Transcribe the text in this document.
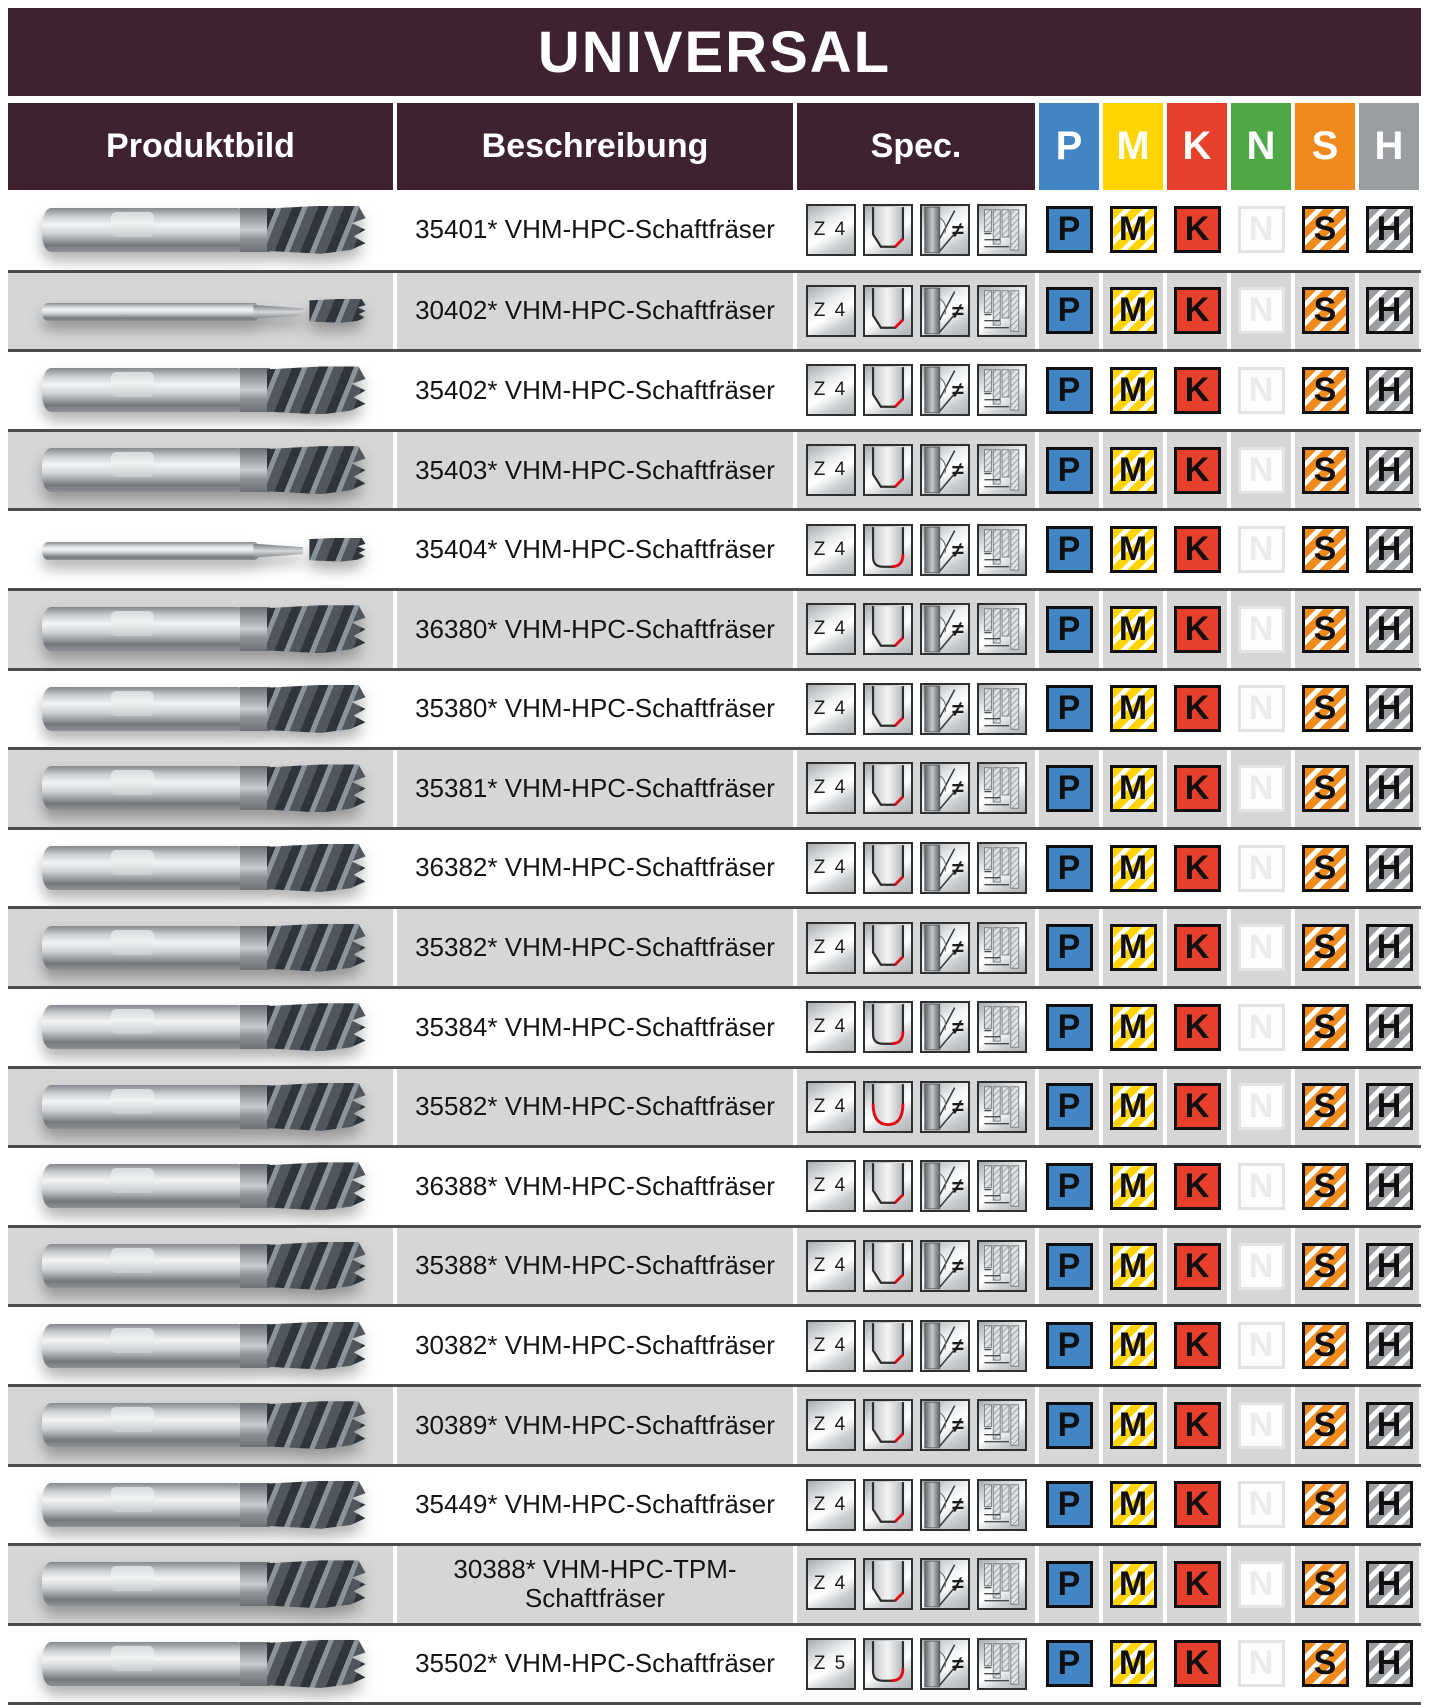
UNIVERSAL
Produktbild	Beschreibung	Spec.	P M K N S H
35401* VHM-HPC-Schaftfräser	Z 4	≠	P	M	K	N	S	H
30402* VHM-HPC-Schaftfräser	Z 4	≠	P	M	K	N	S	H
35402* VHM-HPC-Schaftfräser	Z 4	≠	P	M	K	N	S	H
35403* VHM-HPC-Schaftfräser	Z 4	≠	P	M	K	N	S	H
35404* VHM-HPC-Schaftfräser	Z 4	≠	P	M	K	N	S	H
36380* VHM-HPC-Schaftfräser	Z 4	≠	P	M	K	N	S	H
35380* VHM-HPC-Schaftfräser	Z 4	≠	P	M	K	N	S	H
35381* VHM-HPC-Schaftfräser	Z 4	≠	P	M	K	N	S	H
36382* VHM-HPC-Schaftfräser	Z 4	≠	P	M	K	N	S	H
35382* VHM-HPC-Schaftfräser	Z 4	≠	P	M	K	N	S	H
35384* VHM-HPC-Schaftfräser	Z 4	≠	P	M	K	N	S	H
35582* VHM-HPC-Schaftfräser	Z 4	≠	P	M	K	N	S	H
36388* VHM-HPC-Schaftfräser	Z 4	≠	P	M	K	N	S	H
35388* VHM-HPC-Schaftfräser	Z 4	≠	P	M	K	N	S	H
30382* VHM-HPC-Schaftfräser	Z 4	≠	P	M	K	N	S	H
30389* VHM-HPC-Schaftfräser	Z 4	≠	P	M	K	N	S	H
35449* VHM-HPC-Schaftfräser	Z 4	≠	P	M	K	N	S	H
30388* VHM-HPC-TPM-Schaftfräser	Z 4	≠	P	M	K	N	S	H
35502* VHM-HPC-Schaftfräser	Z 5	≠	P	M	K	N	S	H
